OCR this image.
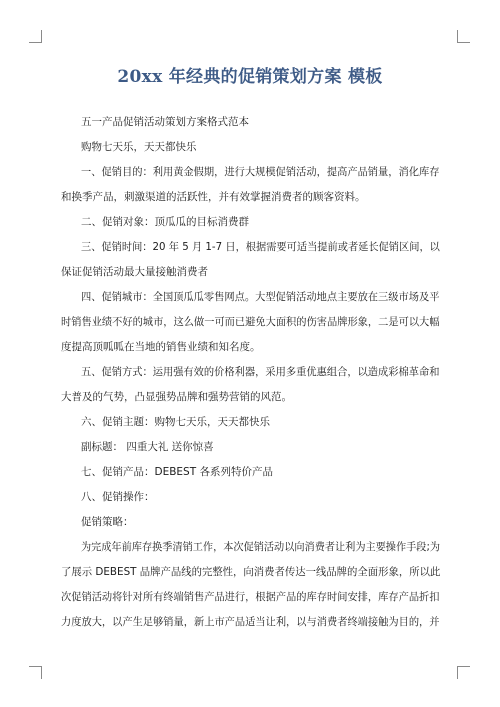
20xx 年经典的促销策划方案 模板
五一产品促销活动策划方案格式范本
购物七天乐，天天都快乐
一、促销目的：利用黄金假期，进行大规模促销活动，提高产品销量，消化库存
和换季产品，刺激渠道的活跃性，并有效掌握消费者的顾客资料。
二、促销对象：顶瓜瓜的目标消费群
三、促销时间：20 年 5 月 1-7 日，根据需要可适当提前或者延长促销区间，以
保证促销活动最大量接触消费者
四、促销城市：全国顶瓜瓜零售网点。大型促销活动地点主要放在三级市场及平
时销售业绩不好的城市，这么做一可而已避免大面积的伤害品牌形象，二是可以大幅
度提高顶呱呱在当地的销售业绩和知名度。
五、促销方式：运用强有效的价格利器，采用多重优惠组合，以造成彩棉革命和
大普及的气势，凸显强势品牌和强势营销的风范。
六、促销主题：购物七天乐，天天都快乐
副标题： 四重大礼 送你惊喜
七、促销产品：DEBEST 各系列特价产品
八、促销操作：
促销策略：
为完成年前库存换季清销工作，本次促销活动以向消费者让利为主要操作手段;为
了展示 DEBEST 品牌产品线的完整性，向消费者传达一线品牌的全面形象，所以此
次促销活动将针对所有终端销售产品进行，根据产品的库存时间安排，库存产品折扣
力度放大，以产生足够销量，新上市产品适当让利，以与消费者终端接触为目的，并
